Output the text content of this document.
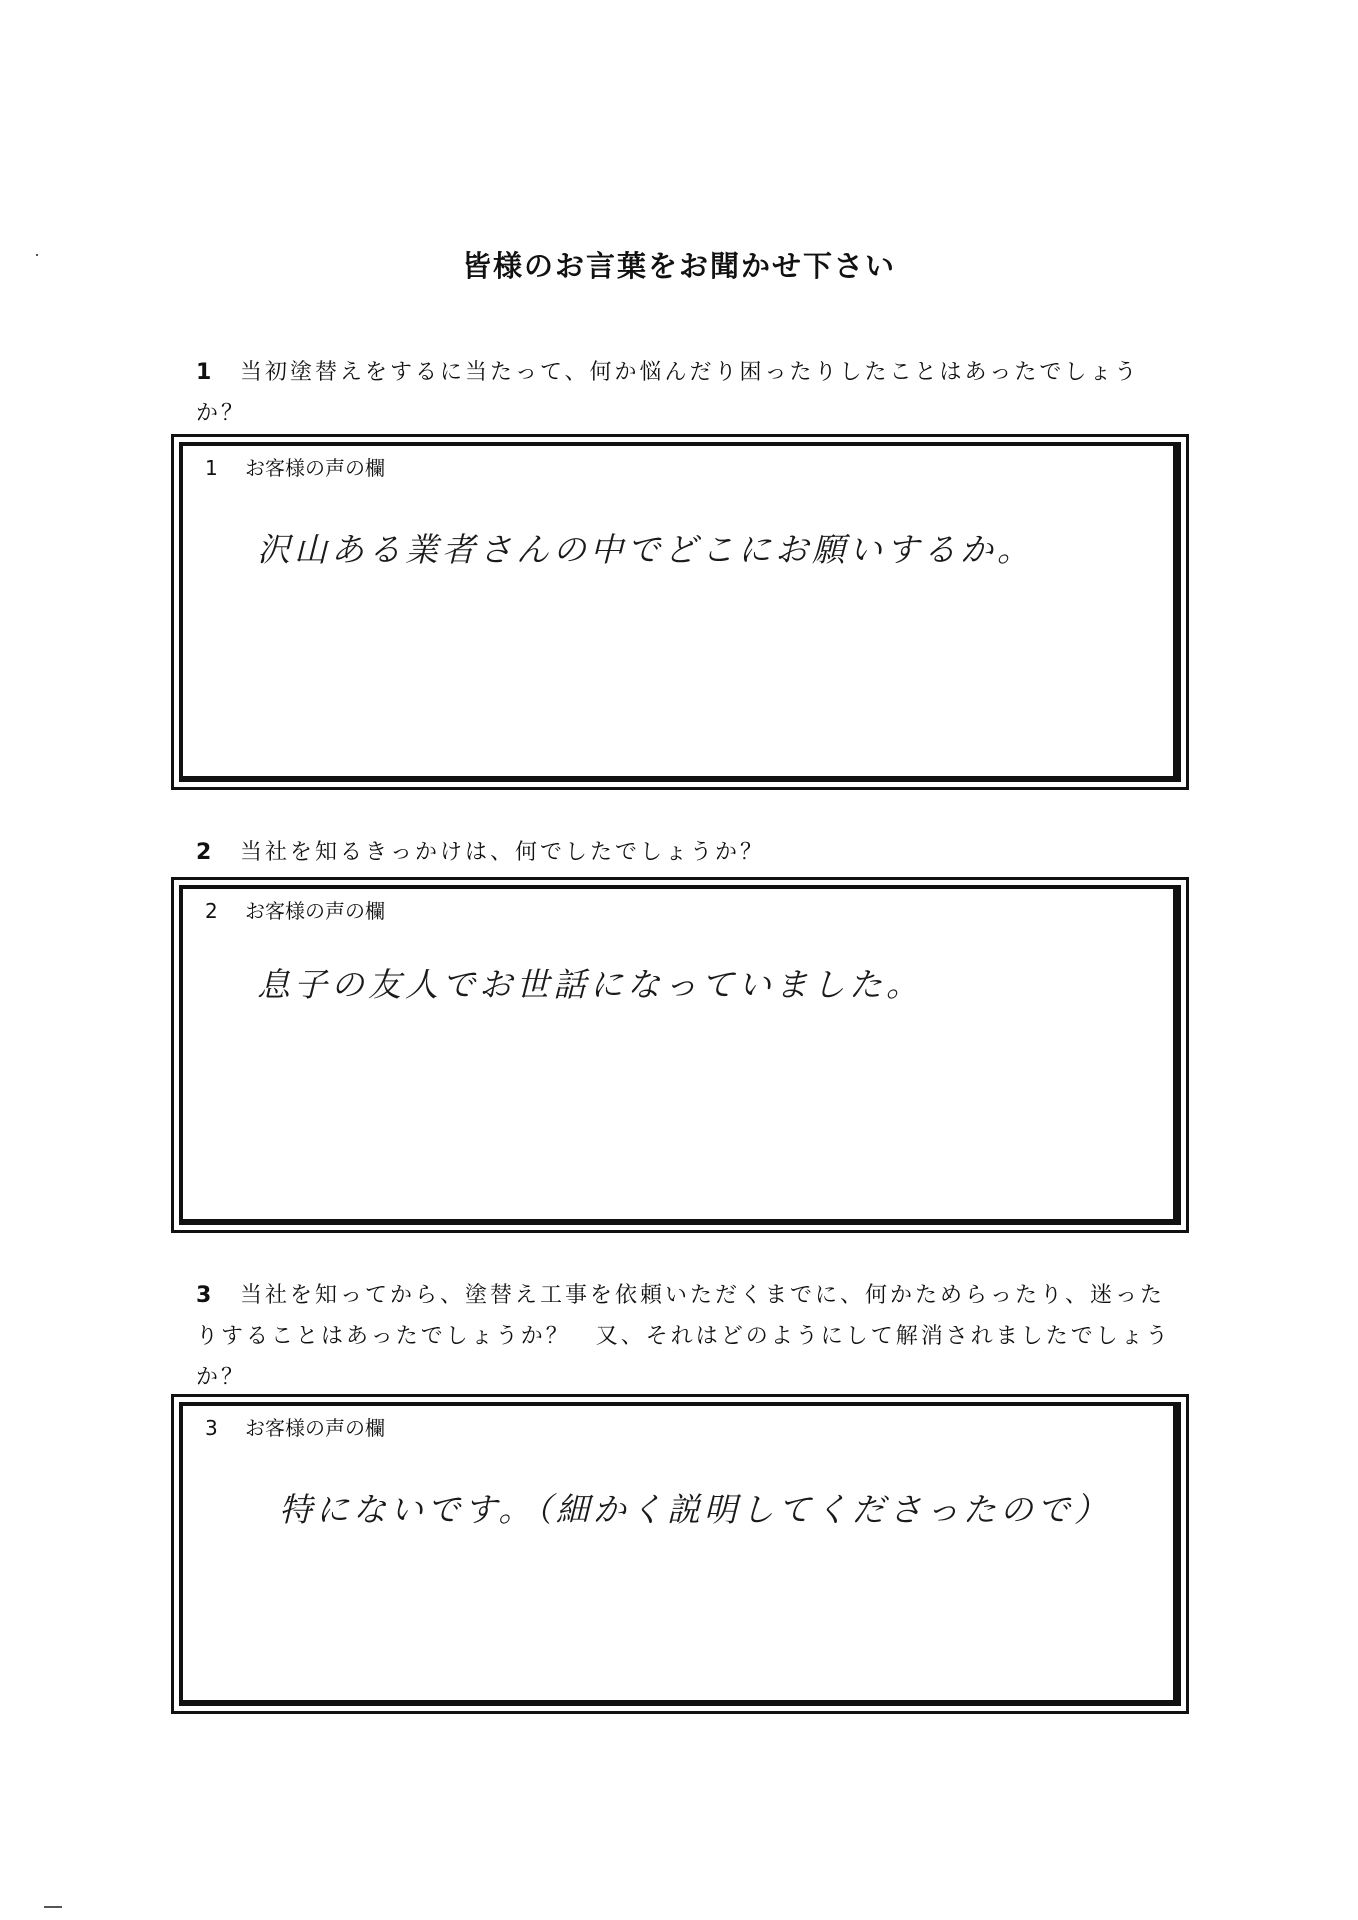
皆様のお言葉をお聞かせ下さい
1 当初塗替えをするに当たって、何か悩んだり困ったりしたことはあったでしょう
か？
1 お客様の声の欄
沢山ある業者さんの中でどこにお願いするか。
2 当社を知るきっかけは、何でしたでしょうか？
2 お客様の声の欄
息子の友人でお世話になっていました。
3 当社を知ってから、塗替え工事を依頼いただくまでに、何かためらったり、迷った
りすることはあったでしょうか？　又、それはどのようにして解消されましたでしょう
か？
3 お客様の声の欄
特にないです。（細かく説明してくださったので）
